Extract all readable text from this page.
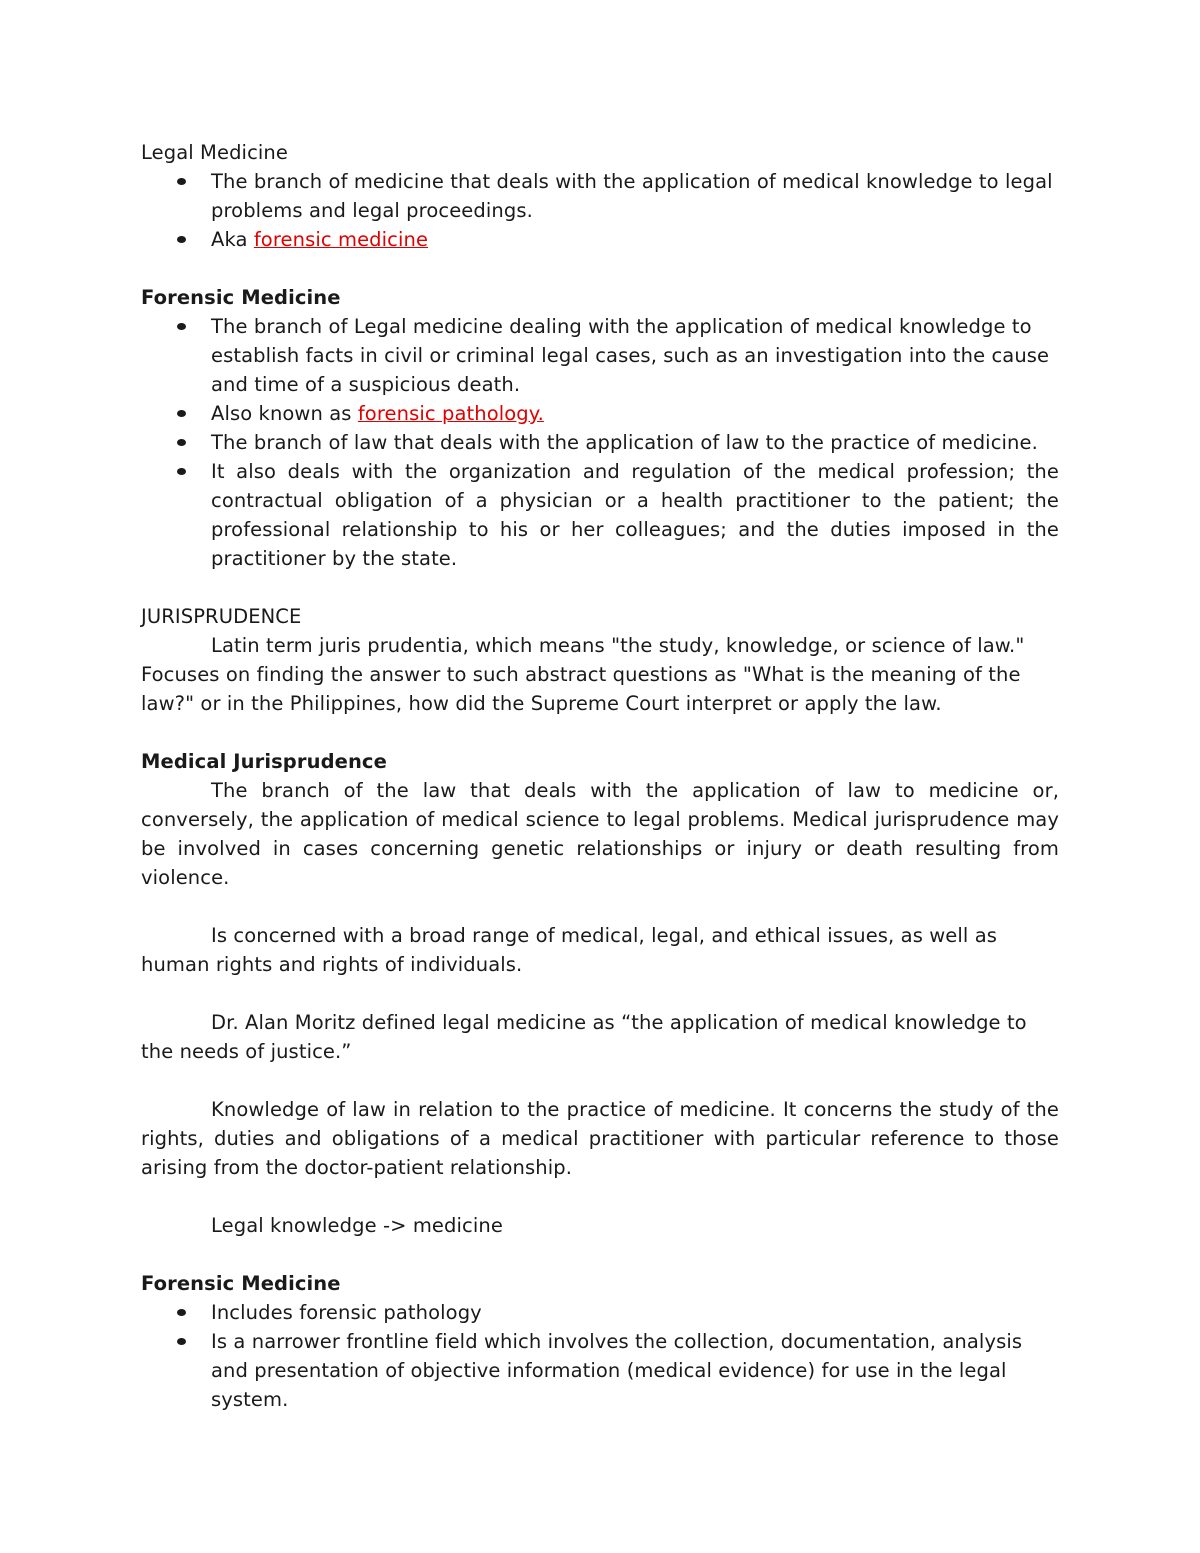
Legal Medicine

The branch of medicine that deals with the application of medical knowledge to legal problems and legal proceedings.
Aka forensic medicine

Forensic Medicine

The branch of Legal medicine dealing with the application of medical knowledge to establish facts in civil or criminal legal cases, such as an investigation into the cause and time of a suspicious death.
Also known as forensic pathology.
The branch of law that deals with the application of law to the practice of medicine.
It also deals with the organization and regulation of the medical profession; the contractual obligation of a physician or a health practitioner to the patient; the professional relationship to his or her colleagues; and the duties imposed in the practitioner by the state.

JURISPRUDENCE

Latin term juris prudentia, which means "the study, knowledge, or science of law." Focuses on finding the answer to such abstract questions as "What is the meaning of the law?" or in the Philippines, how did the Supreme Court interpret or apply the law.

Medical Jurisprudence

The branch of the law that deals with the application of law to medicine or, conversely, the application of medical science to legal problems. Medical jurisprudence may be involved in cases concerning genetic relationships or injury or death resulting from violence.

Is concerned with a broad range of medical, legal, and ethical issues, as well as human rights and rights of individuals.

Dr. Alan Moritz defined legal medicine as “the application of medical knowledge to the needs of justice.”

Knowledge of law in relation to the practice of medicine. It concerns the study of the rights, duties and obligations of a medical practitioner with particular reference to those arising from the doctor-patient relationship.

Legal knowledge -> medicine

Forensic Medicine

Includes forensic pathology
Is a narrower frontline field which involves the collection, documentation, analysis and presentation of objective information (medical evidence) for use in the legal system.
